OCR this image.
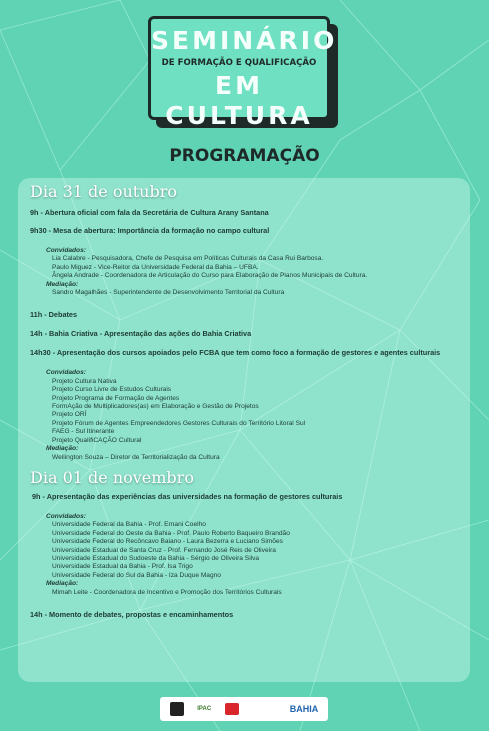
SEMINÁRIO
DE FORMAÇÃO E QUALIFICAÇÃO
EM CULTURA
PROGRAMAÇÃO
Dia 31 de outubro
9h - Abertura oficial com fala da Secretária de Cultura Arany Santana
9h30 - Mesa de abertura: Importância da formação no campo cultural
Convidados:
Lia Calabre - Pesquisadora, Chefe de Pesquisa em Políticas Culturais da Casa Rui Barbosa.
Paulo Miguez - Vice-Reitor da Universidade Federal da Bahia – UFBA.
Ângela Andrade - Coordenadora de Articulação do Curso para Elaboração de Planos Municipais de Cultura.
Mediação:
Sandro Magalhães - Superintendente de Desenvolvimento Territorial da Cultura
11h - Debates
14h - Bahia Criativa - Apresentação das ações do Bahia Criativa
14h30 - Apresentação dos cursos apoiados pelo FCBA que tem como foco a formação de gestores e agentes culturais
Convidados:
Projeto Cultura Nativa
Projeto Curso Livre de Estudos Culturais
Projeto Programa de Formação de Agentes
FormAção de Multiplicadores(as) em Elaboração e Gestão de Projetos
Projeto ORÍ
Projeto Fórum de Agentes Empreendedores Gestores Culturais do Território Litoral Sul
FAEG - Sul Itinerante
Projeto QualifiCAÇÃO Cultural
Mediação:
Wellington Souza – Diretor de Territorialização da Cultura
Dia 01 de novembro
9h - Apresentação das experiências das universidades na formação de gestores culturais
Convidados:
Universidade Federal da Bahia - Prof. Ernani Coelho
Universidade Federal do Oeste da Bahia - Prof. Paulo Roberto Baqueiro Brandão
Universidade Federal do Recôncavo Baiano - Laura Bezerra e Luciano Simões
Universidade Estadual de Santa Cruz - Prof. Fernando José Reis de Oliveira
Universidade Estadual do Sudoeste da Bahia - Sérgio de Oliveira Silva
Universidade Estadual da Bahia - Prof. Isa Trigo
Universidade Federal do Sul da Bahia - Iza Duque Magno
Mediação:
Mimah Leite - Coordenadora de Incentivo e Promoção dos Territórios Culturais
14h - Momento de debates, propostas e encaminhamentos
IPAC	BAHIA
